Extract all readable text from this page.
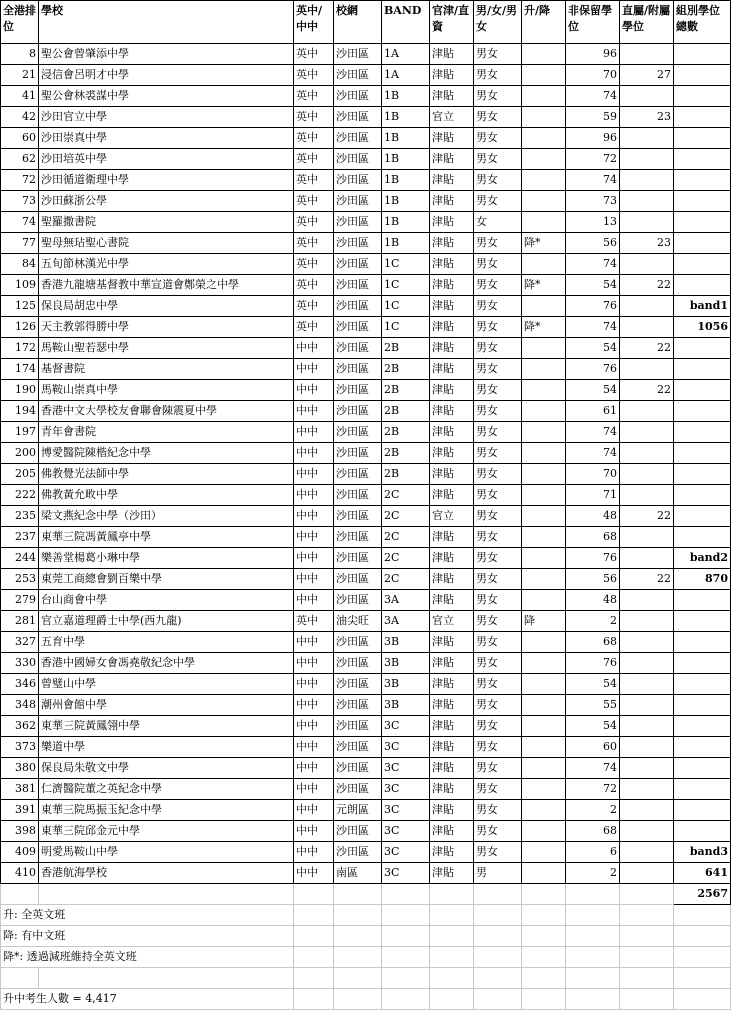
全港排位	學校	英中/中中	校網	BAND	官津/直資	男/女/男女	升/降	非保留學位	直屬/附屬學位	組別學位總數
8	聖公會曾肇添中學	英中	沙田區	1A	津貼	男女		96		
21	浸信會呂明才中學	英中	沙田區	1A	津貼	男女		70	27	
41	聖公會林裘謀中學	英中	沙田區	1B	津貼	男女		74		
42	沙田官立中學	英中	沙田區	1B	官立	男女		59	23	
60	沙田崇真中學	英中	沙田區	1B	津貼	男女		96		
62	沙田培英中學	英中	沙田區	1B	津貼	男女		72		
72	沙田循道衛理中學	英中	沙田區	1B	津貼	男女		74		
73	沙田蘇浙公學	英中	沙田區	1B	津貼	男女		73		
74	聖羅撒書院	英中	沙田區	1B	津貼	女		13		
77	聖母無玷聖心書院	英中	沙田區	1B	津貼	男女	降*	56	23	
84	五旬節林漢光中學	英中	沙田區	1C	津貼	男女		74		
109	香港九龍塘基督教中華宣道會鄭榮之中學	英中	沙田區	1C	津貼	男女	降*	54	22	
125	保良局胡忠中學	英中	沙田區	1C	津貼	男女		76		band1
126	天主教郭得勝中學	英中	沙田區	1C	津貼	男女	降*	74		1056
172	馬鞍山聖若瑟中學	中中	沙田區	2B	津貼	男女		54	22	
174	基督書院	中中	沙田區	2B	津貼	男女		76		
190	馬鞍山崇真中學	中中	沙田區	2B	津貼	男女		54	22	
194	香港中文大學校友會聯會陳震夏中學	中中	沙田區	2B	津貼	男女		61		
197	青年會書院	中中	沙田區	2B	津貼	男女		74		
200	博愛醫院陳楷紀念中學	中中	沙田區	2B	津貼	男女		74		
205	佛教覺光法師中學	中中	沙田區	2B	津貼	男女		70		
222	佛教黃允畋中學	中中	沙田區	2C	津貼	男女		71		
235	梁文燕紀念中學（沙田）	中中	沙田區	2C	官立	男女		48	22	
237	東華三院馮黃鳳亭中學	中中	沙田區	2C	津貼	男女		68		
244	樂善堂楊葛小琳中學	中中	沙田區	2C	津貼	男女		76		band2
253	東莞工商總會劉百樂中學	中中	沙田區	2C	津貼	男女		56	22	870
279	台山商會中學	中中	沙田區	3A	津貼	男女		48		
281	官立嘉道理爵士中學(西九龍)	英中	油尖旺	3A	官立	男女	降	2		
327	五育中學	中中	沙田區	3B	津貼	男女		68		
330	香港中國婦女會馮堯敬紀念中學	中中	沙田區	3B	津貼	男女		76		
346	曾璧山中學	中中	沙田區	3B	津貼	男女		54		
348	潮州會館中學	中中	沙田區	3B	津貼	男女		55		
362	東華三院黃鳳翎中學	中中	沙田區	3C	津貼	男女		54		
373	樂道中學	中中	沙田區	3C	津貼	男女		60		
380	保良局朱敬文中學	中中	沙田區	3C	津貼	男女		74		
381	仁濟醫院董之英紀念中學	中中	沙田區	3C	津貼	男女		72		
391	東華三院馬振玉紀念中學	中中	元朗區	3C	津貼	男女		2		
398	東華三院邱金元中學	中中	沙田區	3C	津貼	男女		68		
409	明愛馬鞍山中學	中中	沙田區	3C	津貼	男女		6		band3
410	香港航海學校	中中	南區	3C	津貼	男		2		641
										2567
升: 全英文班										
降: 有中文班										
降*: 透過減班維持全英文班										

升中考生人數 = 4,417										
